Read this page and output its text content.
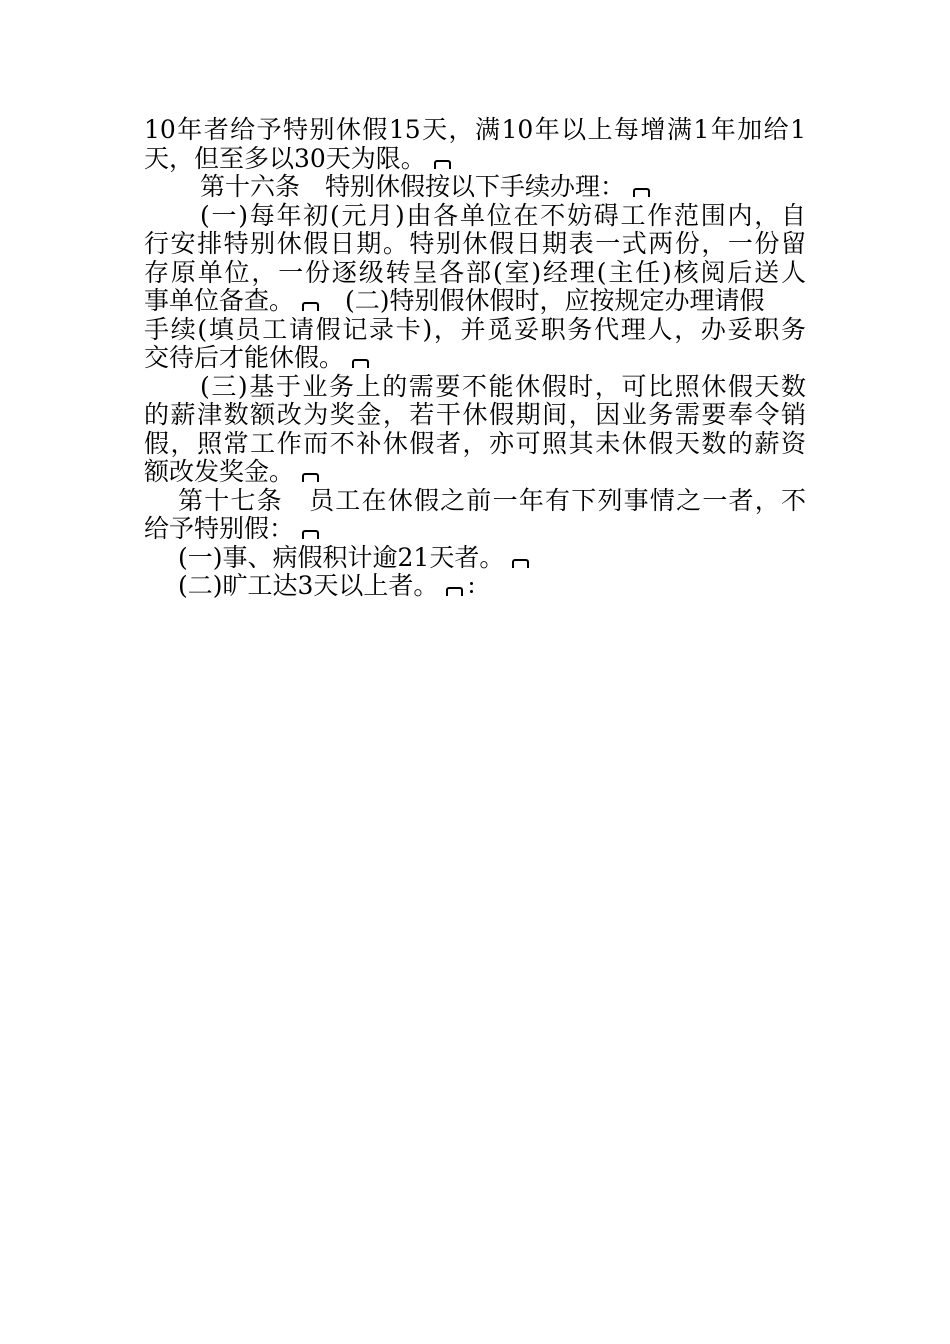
10年者给予特别休假15天，满10年以上每增满1年加给1
天，但至多以30天为限。
第十六条　特别休假按以下手续办理：
(一)每年初(元月)由各单位在不妨碍工作范围内，自
行安排特别休假日期。特别休假日期表一式两份，一份留
存原单位，一份逐级转呈各部(室)经理(主任)核阅后送人
事单位备查。 (二)特别假休假时，应按规定办理请假
手续(填员工请假记录卡)，并觅妥职务代理人，办妥职务
交待后才能休假。
(三)基于业务上的需要不能休假时，可比照休假天数
的薪津数额改为奖金，若干休假期间，因业务需要奉令销
假，照常工作而不补休假者，亦可照其未休假天数的薪资
额改发奖金。
第十七条　员工在休假之前一年有下列事情之一者，不
给予特别假：
(一)事、病假积计逾21天者。
(二)旷工达3天以上者。
